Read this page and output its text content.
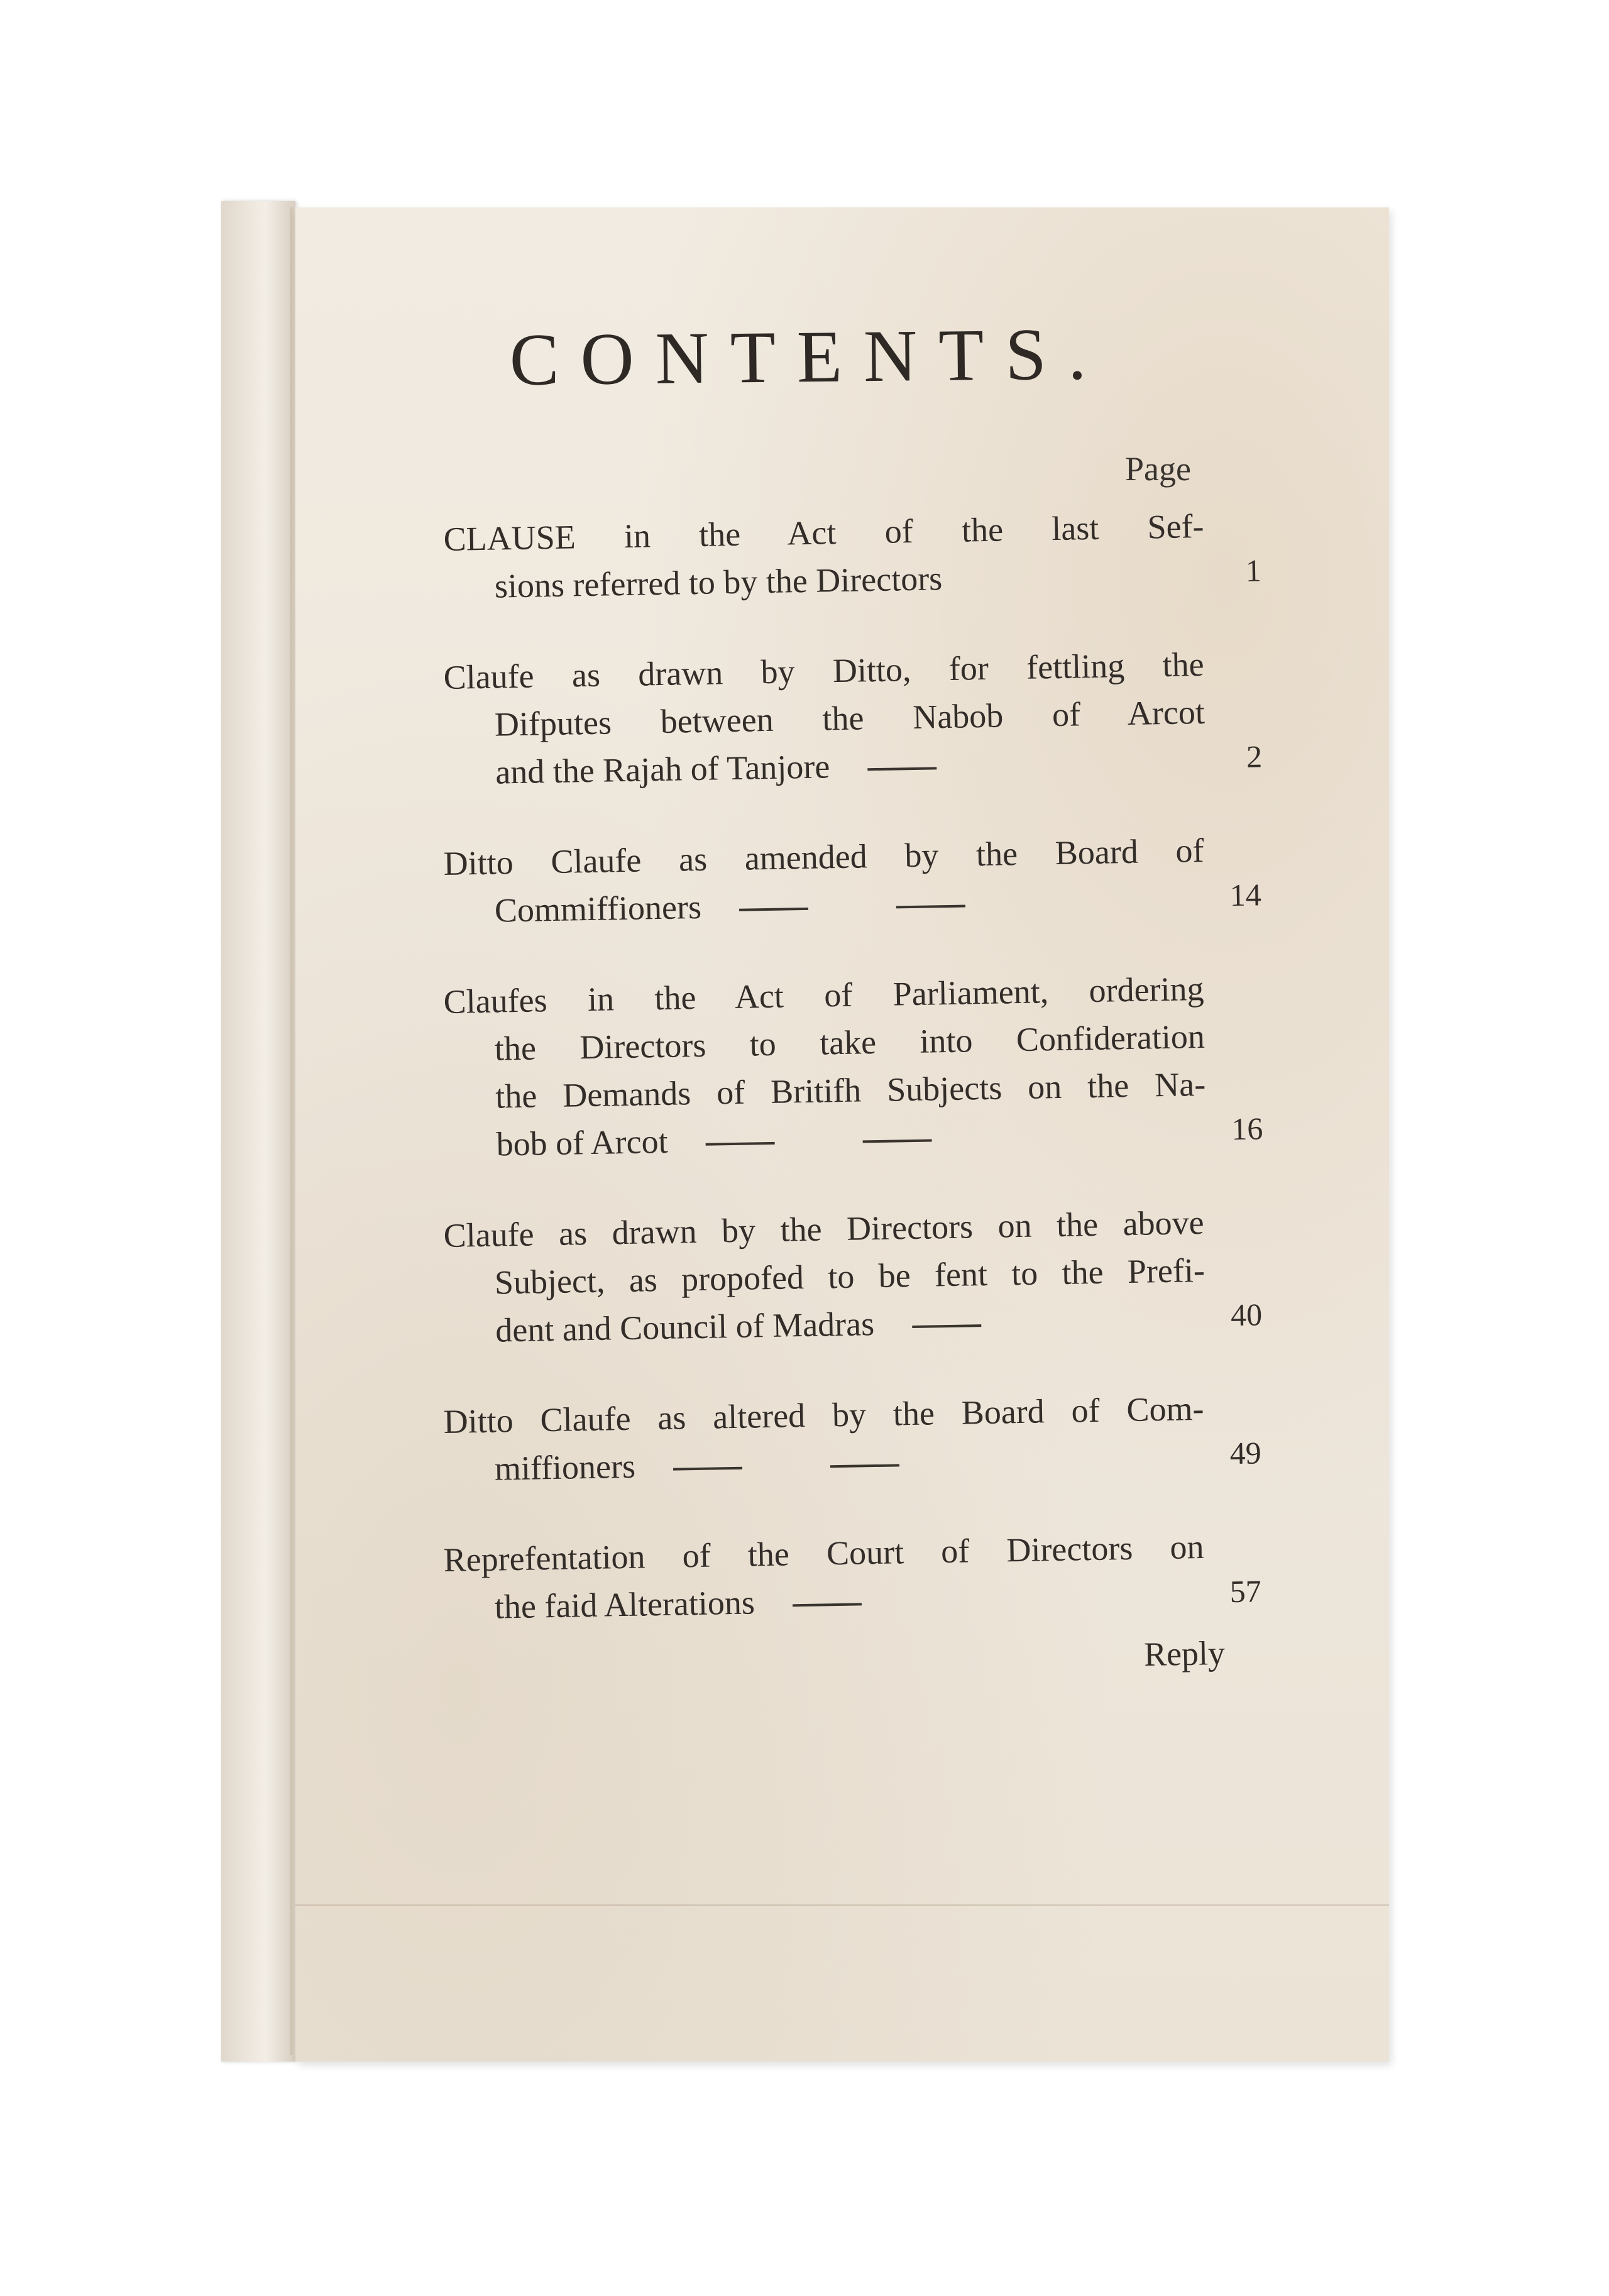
CONTENTS.
Page
CLAUSE in the Act of the last Sef-
sions referred to by the Directors	1
Claufe as drawn by Ditto, for fettling the
Difputes between the Nabob of Arcot
and the Rajah of Tanjore	2
Ditto Claufe as amended by the Board of
Commiffioners	14
Claufes in the Act of Parliament, ordering
the Directors to take into Confideration
the Demands of Britifh Subjects on the Na-
bob of Arcot	16
Claufe as drawn by the Directors on the above
Subject, as propofed to be fent to the Prefi-
dent and Council of Madras	40
Ditto Claufe as altered by the Board of Com-
miffioners	49
Reprefentation of the Court of Directors on
the faid Alterations	57
Reply
